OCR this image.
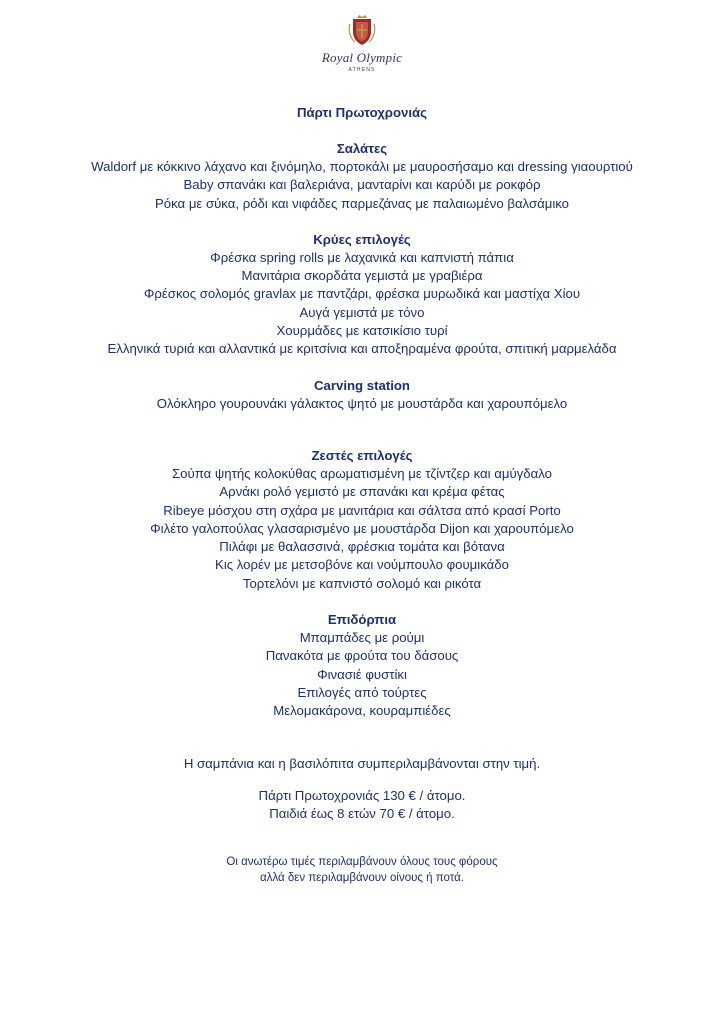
Royal Olympic
ATHENS

Πάρτι Πρωτοχρονιάς

Σαλάτες

Waldorf με κόκκινο λάχανο και ξινόμηλο, πορτοκάλι με μαυροσήσαμο και dressing γιαουρτιού

Baby σπανάκι και βαλεριάνα, μανταρίνι και καρύδι με ροκφόρ

Ρόκα με σύκα, ρόδι και νιφάδες παρμεζάνας με παλαιωμένο βαλσάμικο

Κρύες επιλογές

Φρέσκα spring rolls με λαχανικά και καπνιστή πάπια

Μανιτάρια σκορδάτα γεμιστά με γραβιέρα

Φρέσκος σολομός gravlax με παντζάρι, φρέσκα μυρωδικά και μαστίχα Χίου

Αυγά γεμιστά με τόνο

Χουρμάδες με κατσικίσιο τυρί

Ελληνικά τυριά και αλλαντικά με κριτσίνια και αποξηραμένα φρούτα, σπιτική μαρμελάδα

Carving station

Ολόκληρο γουρουνάκι γάλακτος ψητό με μουστάρδα και χαρουπόμελο

Ζεστές επιλογές

Σούπα ψητής κολοκύθας αρωματισμένη με τζίντζερ και αμύγδαλο

Αρνάκι ρολό γεμιστό με σπανάκι και κρέμα φέτας

Ribeye μόσχου στη σχάρα με μανιτάρια και σάλτσα από κρασί Porto

Φιλέτο γαλοπούλας γλασαρισμένο με μουστάρδα Dijon και χαρουπόμελο

Πιλάφι με θαλασσινά, φρέσκια τομάτα και βότανα

Κις λορέν με μετσοβόνε και νούμπουλο φουμικάδο

Τορτελόνι με καπνιστό σολομό και ρικότα

Επιδόρπια

Μπαμπάδες με ρούμι

Πανακότα με φρούτα του δάσους

Φινασιέ φυστίκι

Επιλογές από τούρτες

Μελομακάρονα, κουραμπιέδες

Η σαμπάνια και η βασιλόπιτα συμπεριλαμβάνονται στην τιμή.

Πάρτι Πρωτοχρονιάς 130 € / άτομο.

Παιδιά έως 8 ετών 70 € / άτομο.

Οι ανωτέρω τιμές περιλαμβάνουν όλους τους φόρους

αλλά δεν περιλαμβάνουν οίνους ή ποτά.
